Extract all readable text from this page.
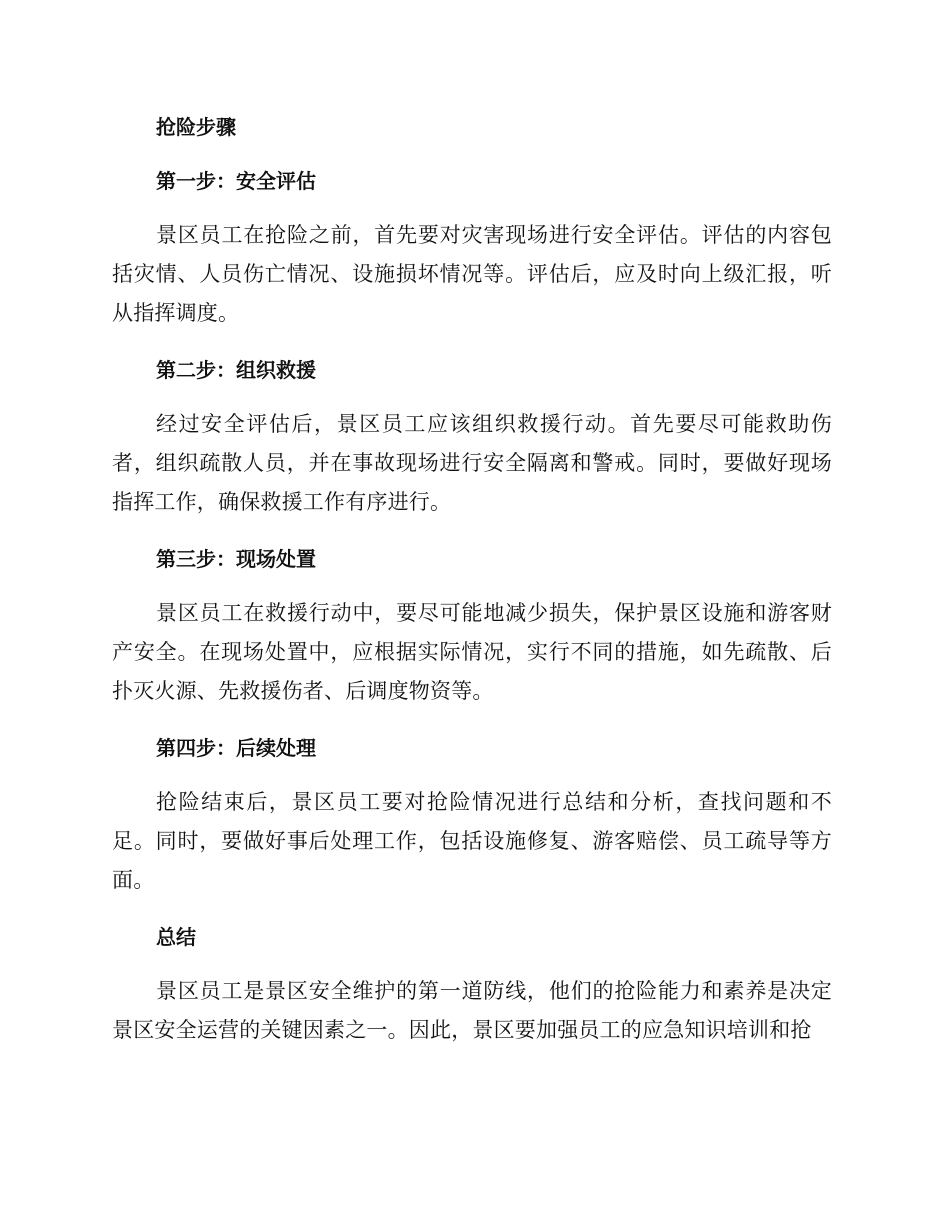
抢险步骤
第一步：安全评估

景区员工在抢险之前，首先要对灾害现场进行安全评估。评估的内容包括灾情、人员伤亡情况、设施损坏情况等。评估后，应及时向上级汇报，听从指挥调度。

第二步：组织救援

经过安全评估后，景区员工应该组织救援行动。首先要尽可能救助伤者，组织疏散人员，并在事故现场进行安全隔离和警戒。同时，要做好现场指挥工作，确保救援工作有序进行。

第三步：现场处置

景区员工在救援行动中，要尽可能地减少损失，保护景区设施和游客财产安全。在现场处置中，应根据实际情况，实行不同的措施，如先疏散、后扑灭火源、先救援伤者、后调度物资等。

第四步：后续处理

抢险结束后，景区员工要对抢险情况进行总结和分析，查找问题和不足。同时，要做好事后处理工作，包括设施修复、游客赔偿、员工疏导等方面。

总结

景区员工是景区安全维护的第一道防线，他们的抢险能力和素养是决定景区安全运营的关键因素之一。因此，景区要加强员工的应急知识培训和抢
